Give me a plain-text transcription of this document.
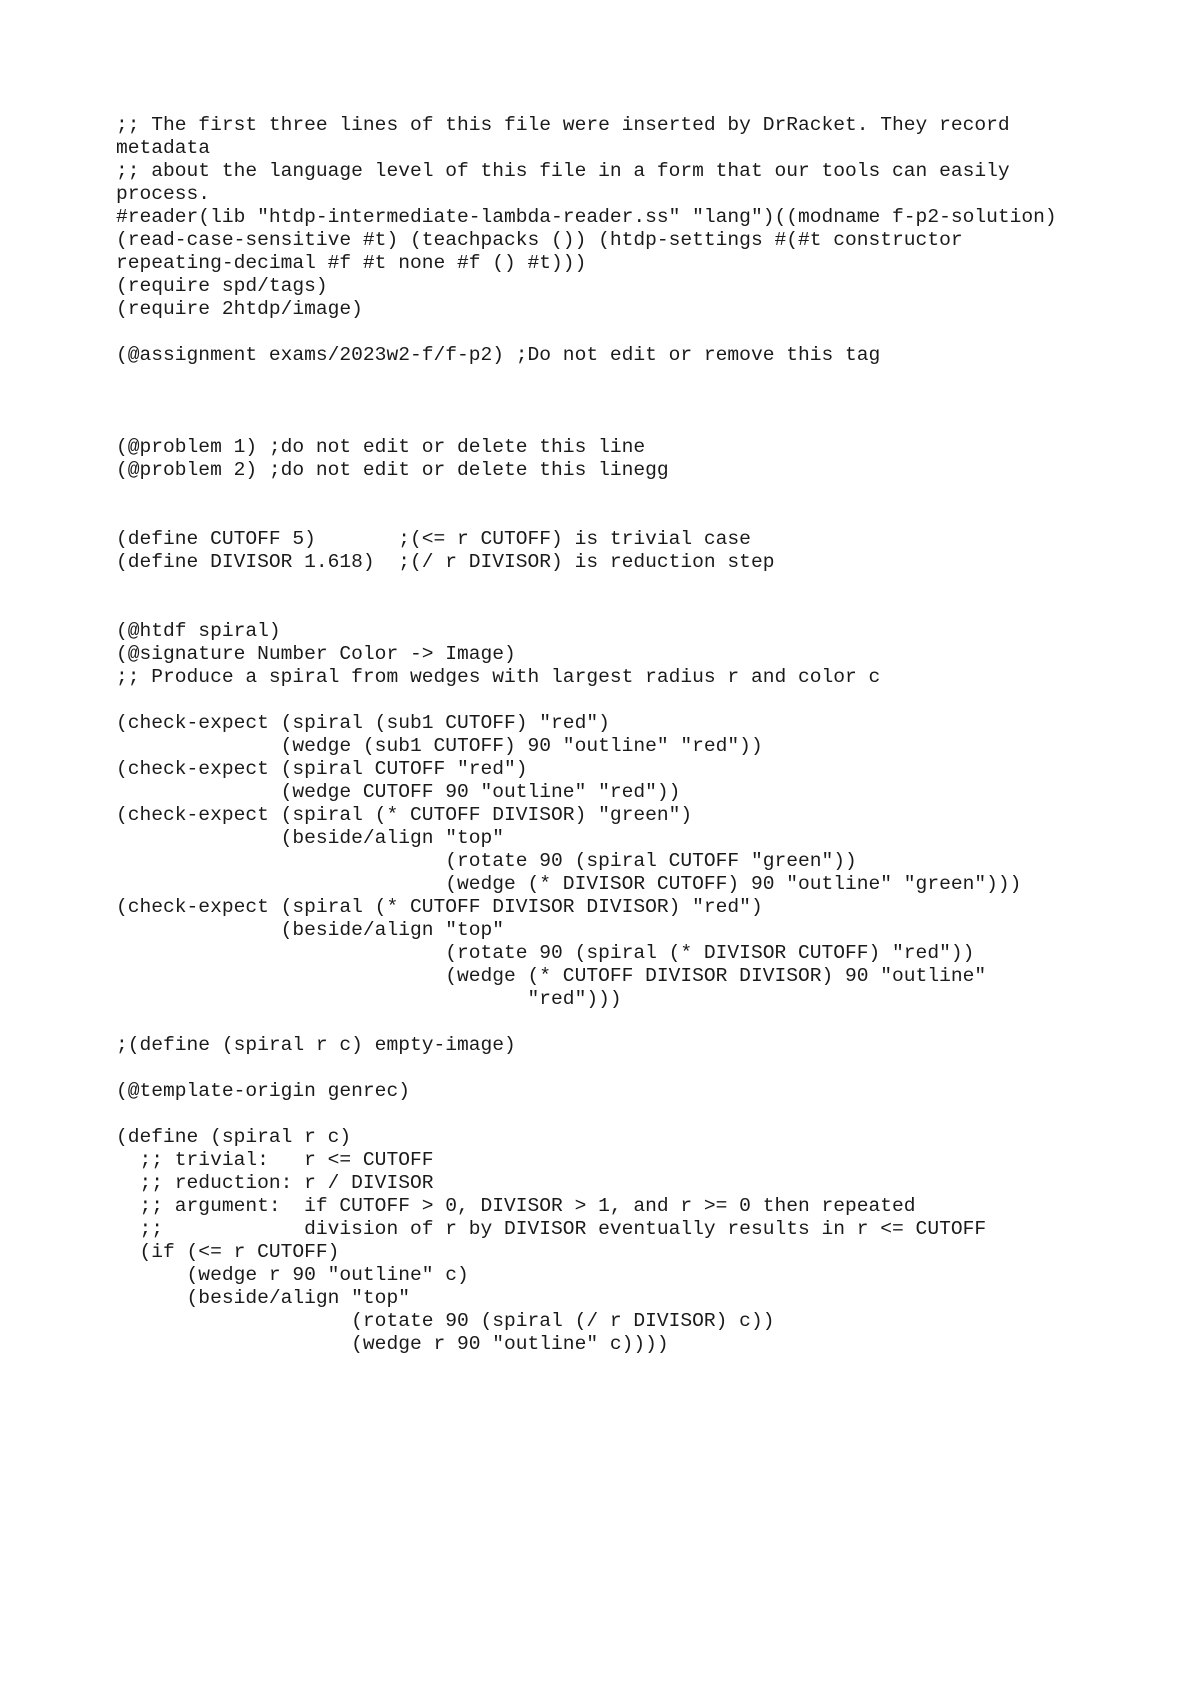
;; The first three lines of this file were inserted by DrRacket. They record
metadata
;; about the language level of this file in a form that our tools can easily
process.
#reader(lib "htdp-intermediate-lambda-reader.ss" "lang")((modname f-p2-solution)
(read-case-sensitive #t) (teachpacks ()) (htdp-settings #(#t constructor
repeating-decimal #f #t none #f () #t)))
(require spd/tags)
(require 2htdp/image)
(@assignment exams/2023w2-f/f-p2) ;Do not edit or remove this tag
(@problem 1) ;do not edit or delete this line
(@problem 2) ;do not edit or delete this linegg
(define CUTOFF 5)       ;(<= r CUTOFF) is trivial case
(define DIVISOR 1.618)  ;(/ r DIVISOR) is reduction step
(@htdf spiral)
(@signature Number Color -> Image)
;; Produce a spiral from wedges with largest radius r and color c
(check-expect (spiral (sub1 CUTOFF) "red")
(wedge (sub1 CUTOFF) 90 "outline" "red"))
(check-expect (spiral CUTOFF "red")
(wedge CUTOFF 90 "outline" "red"))
(check-expect (spiral (* CUTOFF DIVISOR) "green")
(beside/align "top"
(rotate 90 (spiral CUTOFF "green"))
(wedge (* DIVISOR CUTOFF) 90 "outline" "green")))
(check-expect (spiral (* CUTOFF DIVISOR DIVISOR) "red")
(beside/align "top"
(rotate 90 (spiral (* DIVISOR CUTOFF) "red"))
(wedge (* CUTOFF DIVISOR DIVISOR) 90 "outline"
"red")))
;(define (spiral r c) empty-image)
(@template-origin genrec)
(define (spiral r c)
;; trivial:   r <= CUTOFF
;; reduction: r / DIVISOR
;; argument:  if CUTOFF > 0, DIVISOR > 1, and r >= 0 then repeated
;;            division of r by DIVISOR eventually results in r <= CUTOFF
(if (<= r CUTOFF)
(wedge r 90 "outline" c)
(beside/align "top"
(rotate 90 (spiral (/ r DIVISOR) c))
(wedge r 90 "outline" c))))
